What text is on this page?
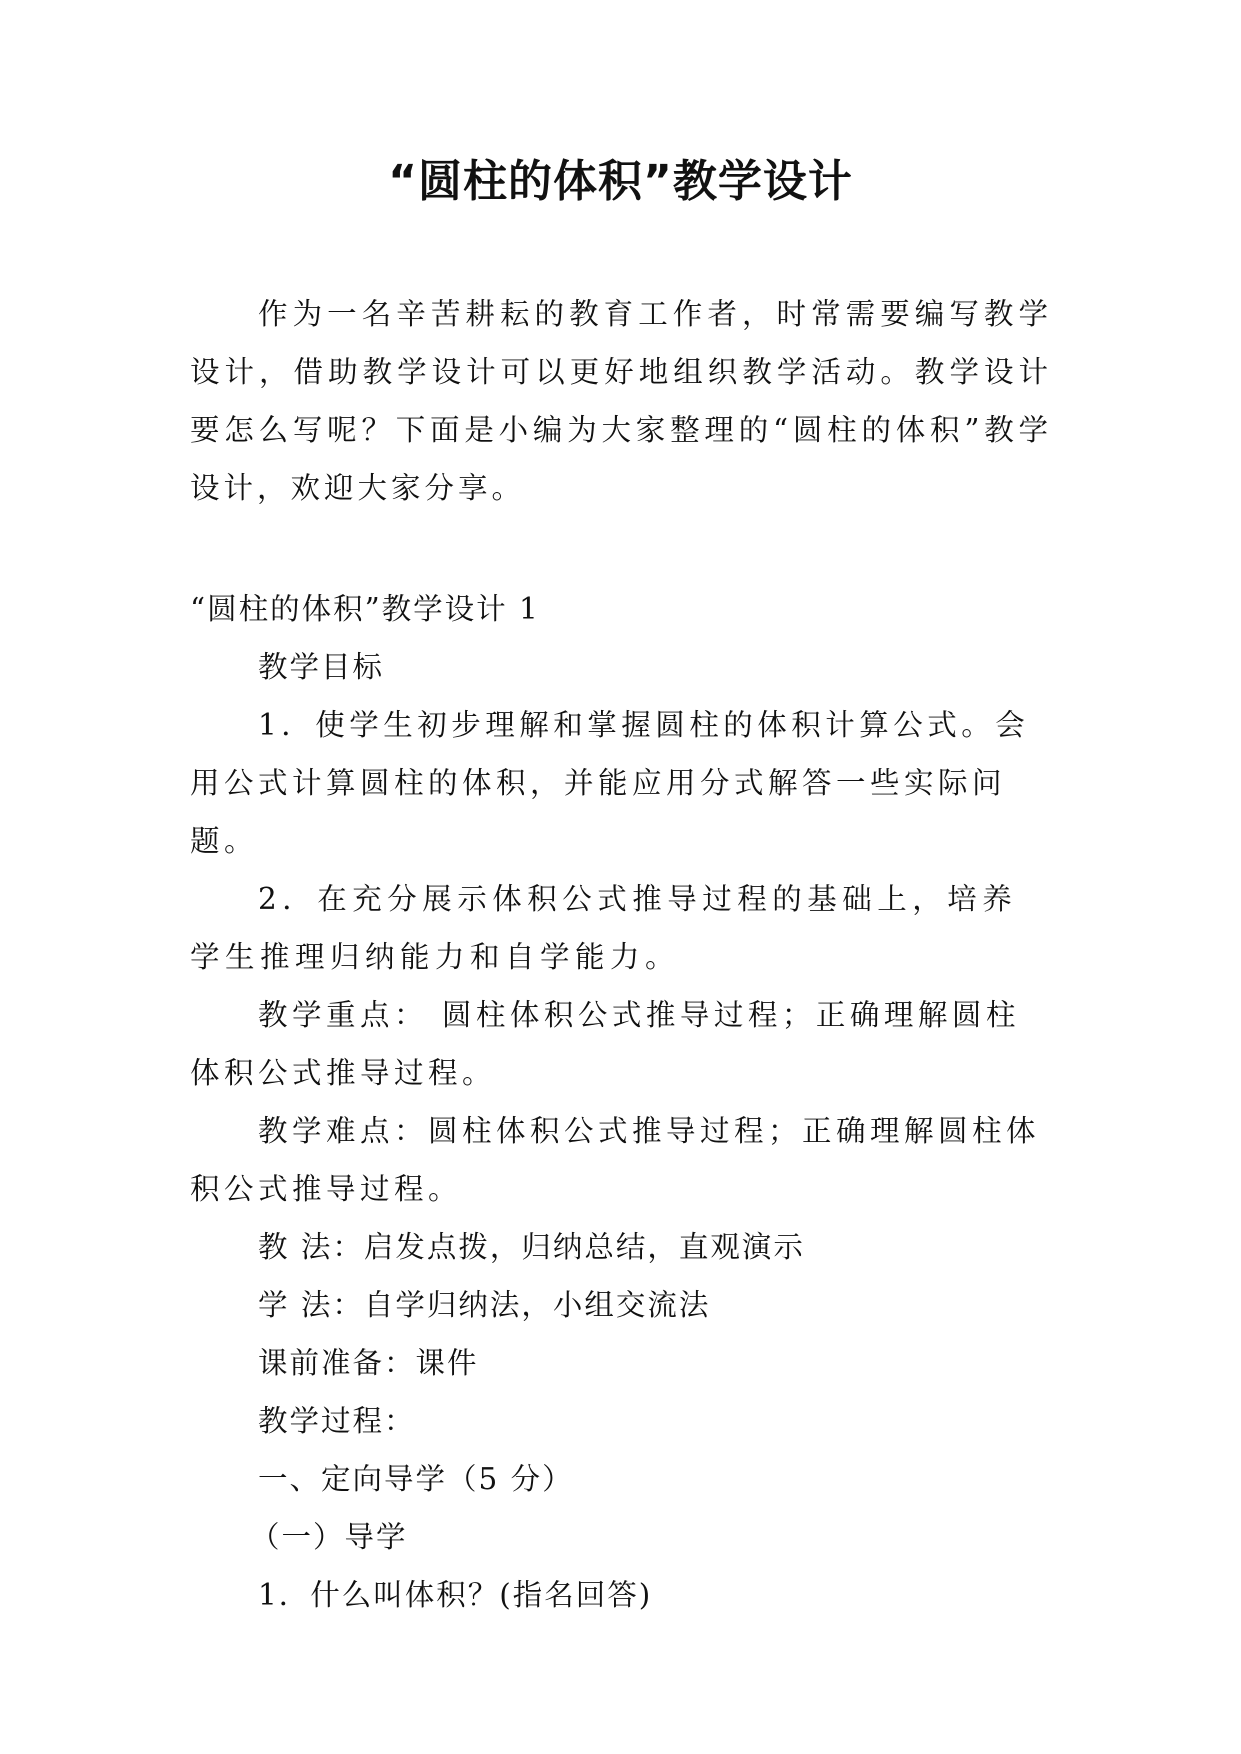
“圆柱的体积”教学设计

作为一名辛苦耕耘的教育工作者，时常需要编写教学设计，借助教学设计可以更好地组织教学活动。教学设计要怎么写呢？下面是小编为大家整理的“圆柱的体积”教学设计，欢迎大家分享。

“圆柱的体积”教学设计 1

教学目标

1．使学生初步理解和掌握圆柱的体积计算公式。会用公式计算圆柱的体积，并能应用分式解答一些实际问题。

2．在充分展示体积公式推导过程的基础上，培养学生推理归纳能力和自学能力。

教学重点： 圆柱体积公式推导过程；正确理解圆柱体积公式推导过程。

教学难点：圆柱体积公式推导过程；正确理解圆柱体积公式推导过程。

教 法：启发点拨，归纳总结，直观演示

学 法：自学归纳法，小组交流法

课前准备：课件

教学过程：

一、定向导学（5 分）

（一）导学

1．什么叫体积？(指名回答)
